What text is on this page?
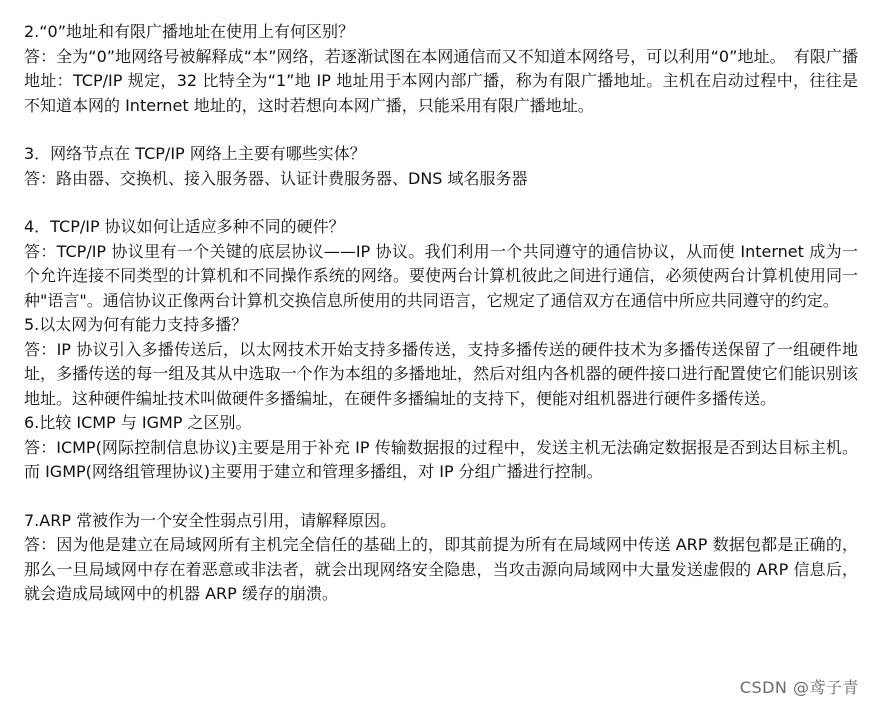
2.“0”地址和有限广播地址在使用上有何区别？

答：全为“0”地网络号被解释成“本”网络，若逐渐试图在本网通信而又不知道本网络号，可以利用“0”地址。　有限广播地址：TCP/IP 规定，32 比特全为“1”地 IP 地址用于本网内部广播，称为有限广播地址。主机在启动过程中，往往是不知道本网的 Internet 地址的，这时若想向本网广播，只能采用有限广播地址。

3．网络节点在 TCP/IP 网络上主要有哪些实体？

答：路由器、交换机、接入服务器、认证计费服务器、DNS 域名服务器

4．TCP/IP 协议如何让适应多种不同的硬件？

答：TCP/IP 协议里有一个关键的底层协议——IP 协议。我们利用一个共同遵守的通信协议，从而使 Internet 成为一个允许连接不同类型的计算机和不同操作系统的网络。要使两台计算机彼此之间进行通信，必须使两台计算机使用同一种"语言"。通信协议正像两台计算机交换信息所使用的共同语言，它规定了通信双方在通信中所应共同遵守的约定。

5.以太网为何有能力支持多播？

答：IP 协议引入多播传送后，以太网技术开始支持多播传送，支持多播传送的硬件技术为多播传送保留了一组硬件地址，多播传送的每一组及其从中选取一个作为本组的多播地址，然后对组内各机器的硬件接口进行配置使它们能识别该地址。这种硬件编址技术叫做硬件多播编址，在硬件多播编址的支持下，便能对组机器进行硬件多播传送。

6.比较 ICMP 与 IGMP 之区别。

答：ICMP(网际控制信息协议)主要是用于补充 IP 传输数据报的过程中，发送主机无法确定数据报是否到达目标主机。而 IGMP(网络组管理协议)主要用于建立和管理多播组，对 IP 分组广播进行控制。

7.ARP 常被作为一个安全性弱点引用，请解释原因。

答：因为他是建立在局域网所有主机完全信任的基础上的，即其前提为所有在局域网中传送 ARP 数据包都是正确的，那么一旦局域网中存在着恶意或非法者，就会出现网络安全隐患，当攻击源向局域网中大量发送虚假的 ARP 信息后，就会造成局域网中的机器 ARP 缓存的崩溃。

CSDN @鸢子青
